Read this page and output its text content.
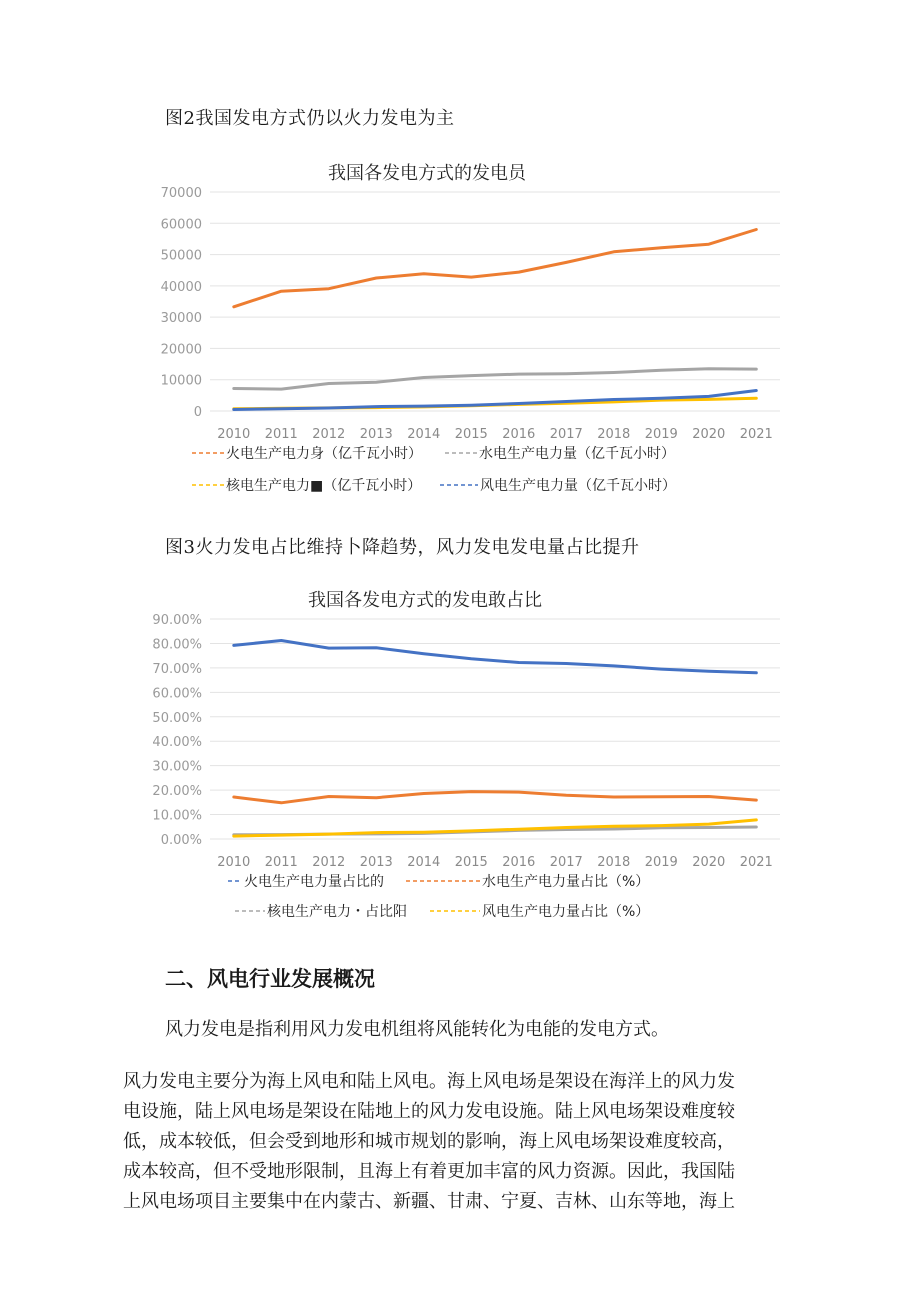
图2我国发电方式仍以火力发电为主
我国各发电方式的发电员
0
10000
20000
30000
40000
50000
60000
70000
2010 2011 2012 2013 2014 2015 2016 2017 2018 2019 2020 2021
火电生产电力身（亿千瓦小时）	水电生产电力量（亿千瓦小时）
核电生产电力■（亿千瓦小时）	风电生产电力量（亿千瓦小时）
图3火力发电占比维持卜降趋势，风力发电发电量占比提升
我国各发电方式的发电敢占比
0.00%
10.00%
20.00%
30.00%
40.00%
50.00%
60.00%
70.00%
80.00%
90.00%
2010 2011 2012 2013 2014 2015 2016 2017 2018 2019 2020 2021
火电生产电力量占比的	水电生产电力量占比（%）
核电生产电力・占比阳	风电生产电力量占比（%）
二、风电行业发展概况
风力发电是指利用风力发电机组将风能转化为电能的发电方式。
风力发电主要分为海上风电和陆上风电。海上风电场是架设在海洋上的风力发
电设施，陆上风电场是架设在陆地上的风力发电设施。陆上风电场架设难度较
低，成本较低，但会受到地形和城市规划的影响，海上风电场架设难度较高，
成本较高，但不受地形限制，且海上有着更加丰富的风力资源。因此，我国陆
上风电场项目主要集中在内蒙古、新疆、甘肃、宁夏、吉林、山东等地，海上
